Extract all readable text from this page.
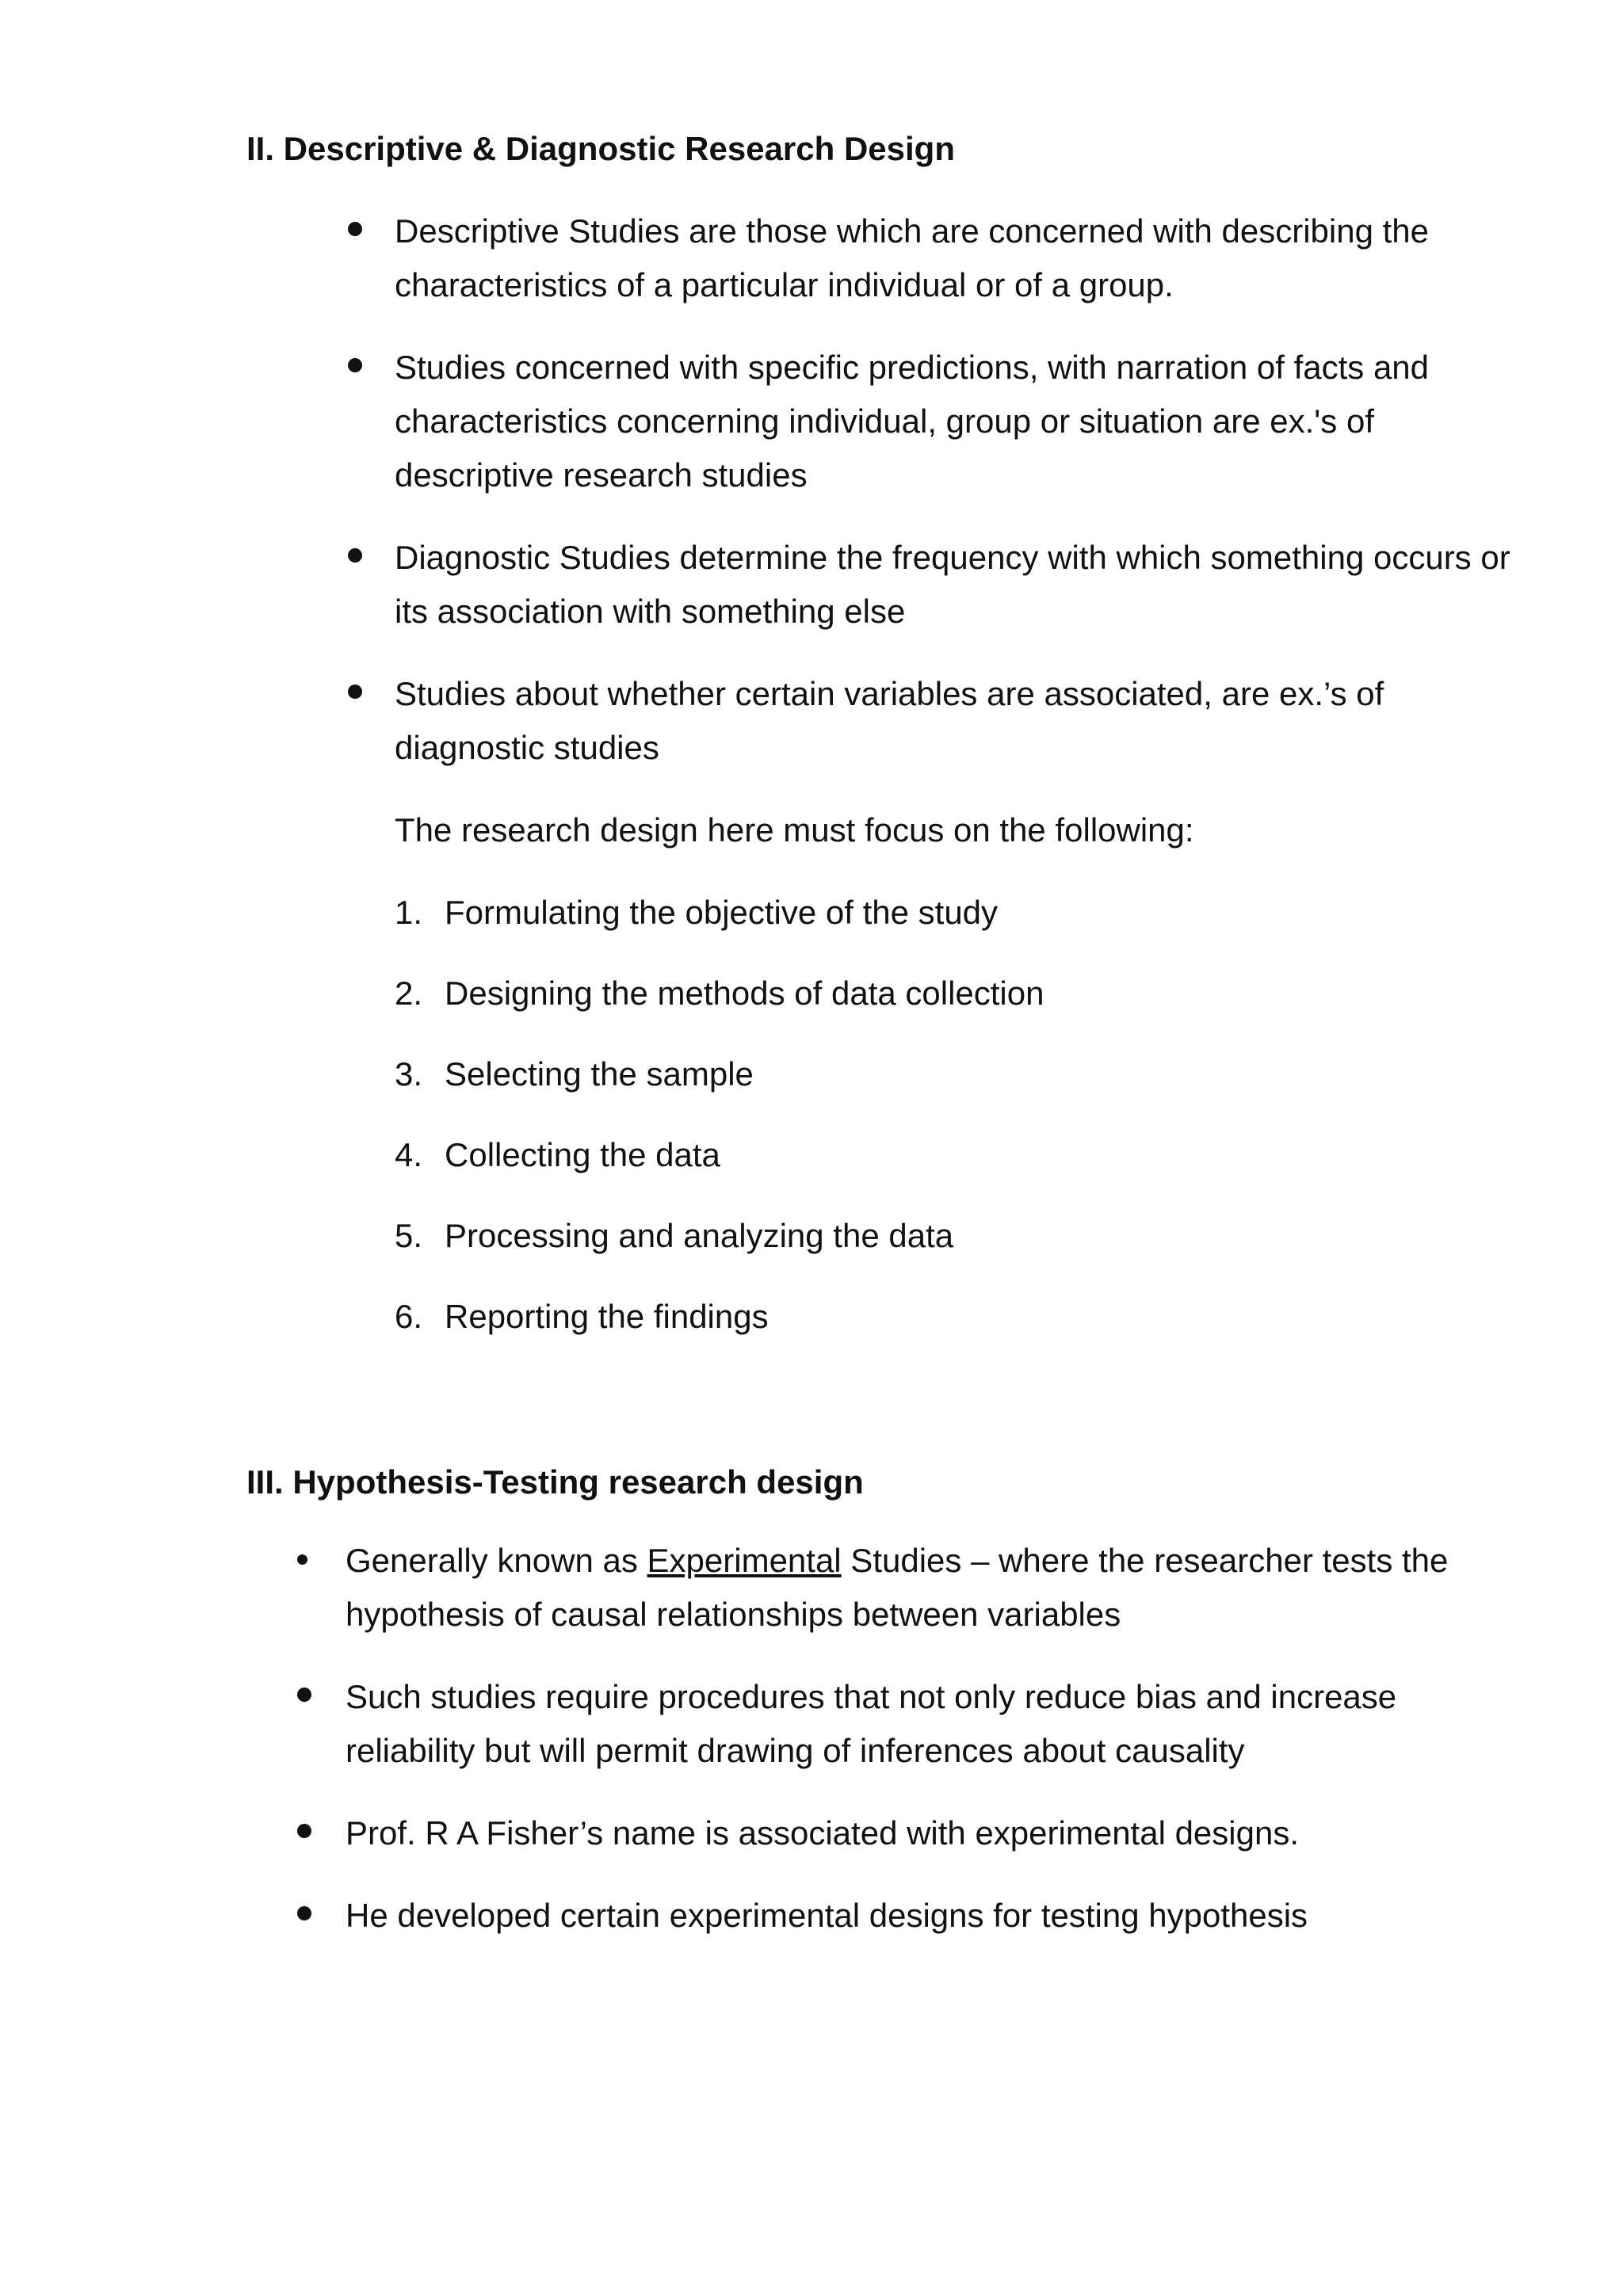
II. Descriptive & Diagnostic Research Design
Descriptive Studies are those which are concerned with describing the characteristics of a particular individual or of a group.
Studies concerned with specific predictions, with narration of facts and characteristics concerning individual, group or situation are ex.'s of descriptive research studies
Diagnostic Studies determine the frequency with which something occurs or its association with something else
Studies about whether certain variables are associated, are ex.’s of diagnostic studies
The research design here must focus on the following:
1. Formulating the objective of the study
2. Designing the methods of data collection
3. Selecting the sample
4. Collecting the data
5. Processing and analyzing the data
6. Reporting the findings
III. Hypothesis-Testing research design
Generally known as Experimental Studies – where the researcher tests the hypothesis of causal relationships between variables
Such studies require procedures that not only reduce bias and increase reliability but will permit drawing of inferences about causality
Prof. R A Fisher’s name is associated with experimental designs.
He developed certain experimental designs for testing hypothesis
